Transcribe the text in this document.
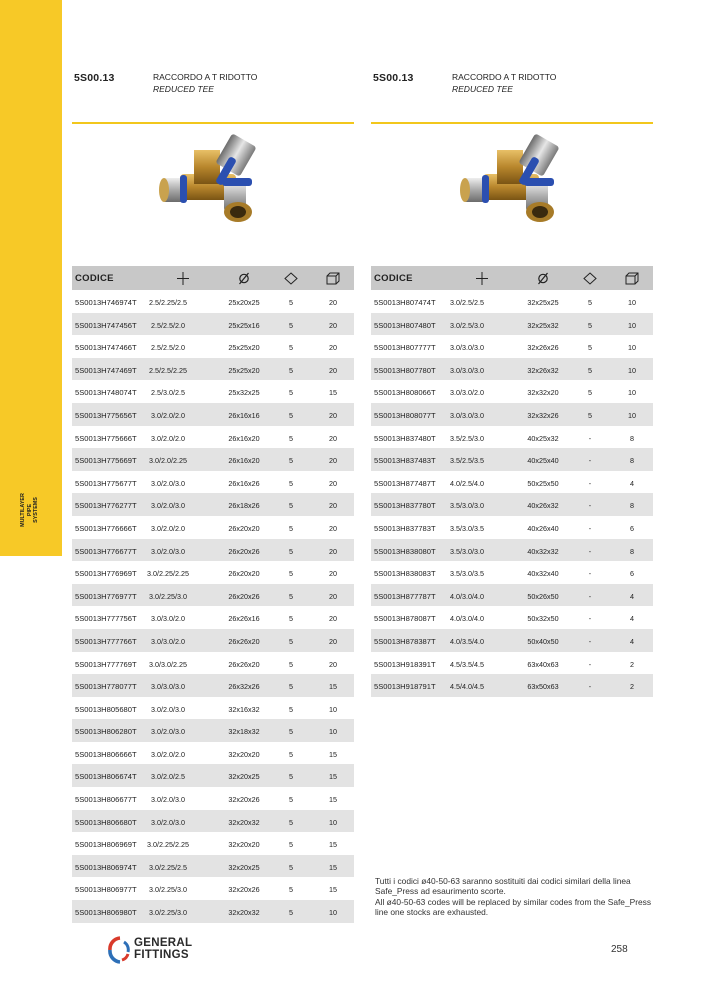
MULTILAYER PIPE SYSTEMS
5S00.13	RACCORDO A T RIDOTTO
REDUCED TEE
CODICE
5S0013H746974T	2.5/2.25/2.5	25x20x25	5	20
5S0013H747456T	2.5/2.5/2.0	25x25x16	5	20
5S0013H747466T	2.5/2.5/2.0	25x25x20	5	20
5S0013H747469T	2.5/2.5/2.25	25x25x20	5	20
5S0013H748074T	2.5/3.0/2.5	25x32x25	5	15
5S0013H775656T	3.0/2.0/2.0	26x16x16	5	20
5S0013H775666T	3.0/2.0/2.0	26x16x20	5	20
5S0013H775669T	3.0/2.0/2.25	26x16x20	5	20
5S0013H775677T	3.0/2.0/3.0	26x16x26	5	20
5S0013H776277T	3.0/2.0/3.0	26x18x26	5	20
5S0013H776666T	3.0/2.0/2.0	26x20x20	5	20
5S0013H776677T	3.0/2.0/3.0	26x20x26	5	20
5S0013H776969T	3.0/2.25/2.25	26x20x20	5	20
5S0013H776977T	3.0/2.25/3.0	26x20x26	5	20
5S0013H777756T	3.0/3.0/2.0	26x26x16	5	20
5S0013H777766T	3.0/3.0/2.0	26x26x20	5	20
5S0013H777769T	3.0/3.0/2.25	26x26x20	5	20
5S0013H778077T	3.0/3.0/3.0	26x32x26	5	15
5S0013H805680T	3.0/2.0/3.0	32x16x32	5	10
5S0013H806280T	3.0/2.0/3.0	32x18x32	5	10
5S0013H806666T	3.0/2.0/2.0	32x20x20	5	15
5S0013H806674T	3.0/2.0/2.5	32x20x25	5	15
5S0013H806677T	3.0/2.0/3.0	32x20x26	5	15
5S0013H806680T	3.0/2.0/3.0	32x20x32	5	10
5S0013H806969T	3.0/2.25/2.25	32x20x20	5	15
5S0013H806974T	3.0/2.25/2.5	32x20x25	5	15
5S0013H806977T	3.0/2.25/3.0	32x20x26	5	15
5S0013H806980T	3.0/2.25/3.0	32x20x32	5	10
5S00.13	RACCORDO A T RIDOTTO
REDUCED TEE
CODICE
5S0013H807474T	3.0/2.5/2.5	32x25x25	5	10
5S0013H807480T	3.0/2.5/3.0	32x25x32	5	10
5S0013H807777T	3.0/3.0/3.0	32x26x26	5	10
5S0013H807780T	3.0/3.0/3.0	32x26x32	5	10
5S0013H808066T	3.0/3.0/2.0	32x32x20	5	10
5S0013H808077T	3.0/3.0/3.0	32x32x26	5	10
5S0013H837480T	3.5/2.5/3.0	40x25x32	-	8
5S0013H837483T	3.5/2.5/3.5	40x25x40	-	8
5S0013H877487T	4.0/2.5/4.0	50x25x50	-	4
5S0013H837780T	3.5/3.0/3.0	40x26x32	-	8
5S0013H837783T	3.5/3.0/3.5	40x26x40	-	6
5S0013H838080T	3.5/3.0/3.0	40x32x32	-	8
5S0013H838083T	3.5/3.0/3.5	40x32x40	-	6
5S0013H877787T	4.0/3.0/4.0	50x26x50	-	4
5S0013H878087T	4.0/3.0/4.0	50x32x50	-	4
5S0013H878387T	4.0/3.5/4.0	50x40x50	-	4
5S0013H918391T	4.5/3.5/4.5	63x40x63	-	2
5S0013H918791T	4.5/4.0/4.5	63x50x63	-	2
Tutti i codici ø40-50-63 saranno sostituiti dai codici similari della linea Safe_Press ad esaurimento scorte.
All ø40-50-63 codes will be replaced by similar codes from the Safe_Press line one stocks are exhausted.
GENERAL
FITTINGS	258
